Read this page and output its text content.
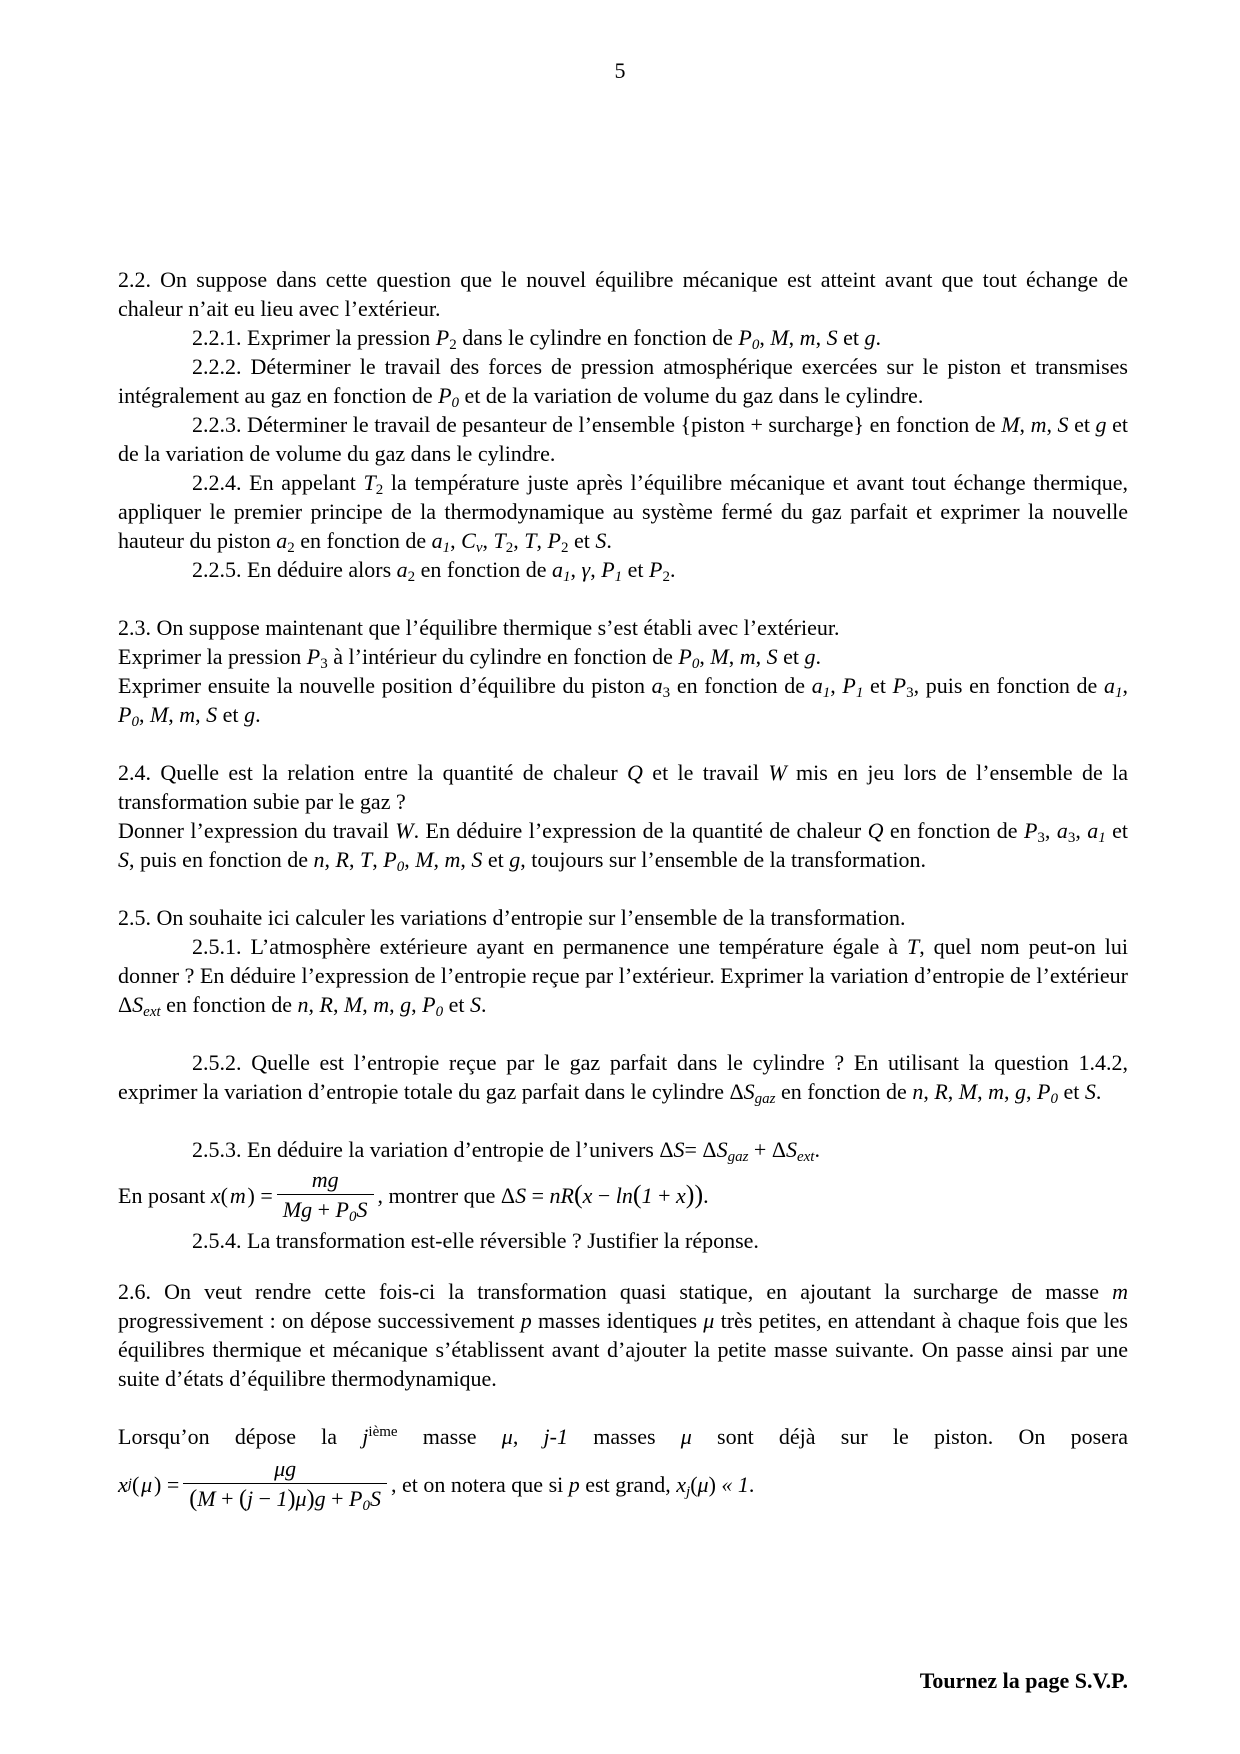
5

2.2. On suppose dans cette question que le nouvel équilibre mécanique est atteint avant que tout échange de chaleur n’ait eu lieu avec l’extérieur.

2.2.1. Exprimer la pression $P_2$ dans le cylindre en fonction de $P_0$, M, m, S et g.

2.2.2. Déterminer le travail des forces de pression atmosphérique exercées sur le piston et transmises intégralement au gaz en fonction de $P_0$ et de la variation de volume du gaz dans le cylindre.

2.2.3. Déterminer le travail de pesanteur de l’ensemble {piston + surcharge} en fonction de M, m, S et g et de la variation de volume du gaz dans le cylindre.

2.2.4. En appelant $T_2$ la température juste après l’équilibre mécanique et avant tout échange thermique, appliquer le premier principe de la thermodynamique au système fermé du gaz parfait et exprimer la nouvelle hauteur du piston $a_2$ en fonction de $a_1$, $C_v$, $T_2$, T, $P_2$ et S.

2.2.5. En déduire alors $a_2$ en fonction de $a_1$, γ, $P_1$ et $P_2$.

2.3. On suppose maintenant que l’équilibre thermique s’est établi avec l’extérieur.
Exprimer la pression $P_3$ à l’intérieur du cylindre en fonction de $P_0$, M, m, S et g.
Exprimer ensuite la nouvelle position d’équilibre du piston $a_3$ en fonction de $a_1$, $P_1$ et $P_3$, puis en fonction de $a_1$, $P_0$, M, m, S et g.

2.4. Quelle est la relation entre la quantité de chaleur Q et le travail W mis en jeu lors de l’ensemble de la transformation subie par le gaz ?
Donner l’expression du travail W. En déduire l’expression de la quantité de chaleur Q en fonction de $P_3$, $a_3$, $a_1$ et S, puis en fonction de n, R, T, $P_0$, M, m, S et g, toujours sur l’ensemble de la transformation.

2.5. On souhaite ici calculer les variations d’entropie sur l’ensemble de la transformation.

2.5.1. L’atmosphère extérieure ayant en permanence une température égale à T, quel nom peut-on lui donner ? En déduire l’expression de l’entropie reçue par l’extérieur. Exprimer la variation d’entropie de l’extérieur $\Delta S_{ext}$ en fonction de n, R, M, m, g, $P_0$ et S.

2.5.2. Quelle est l’entropie reçue par le gaz parfait dans le cylindre ? En utilisant la question 1.4.2, exprimer la variation d’entropie totale du gaz parfait dans le cylindre $\Delta S_{gaz}$ en fonction de n, R, M, m, g, $P_0$ et S.

2.5.3. En déduire la variation d’entropie de l’univers $\Delta S= \Delta S_{gaz} + \Delta S_{ext}$.

En posant
x (  m  ) = $\frac{mg}{Mg + P_0S}$ , montrer que
ΔS = nR(x − ln(1 + x)).

2.5.4. La transformation est-elle réversible ? Justifier la réponse.

2.6. On veut rendre cette fois-ci la transformation quasi statique, en ajoutant la surcharge de masse m progressivement : on dépose successivement p masses identiques μ très petites, en attendant à chaque fois que les équilibres thermique et mécanique s’établissent avant d’ajouter la petite masse suivante. On passe ainsi par une suite d’états d’équilibre thermodynamique.

Lorsqu’on dépose la $j^{ième}$ masse μ, j-1 masses μ sont déjà sur le piston. On posera

x j (  μ  ) = $\frac{\mu g}{(M + (j - 1)\mu)g + P_0S}$ , et on notera que si p est grand, $x_j(\mu)$ « 1.
Tournez la page S.V.P.
